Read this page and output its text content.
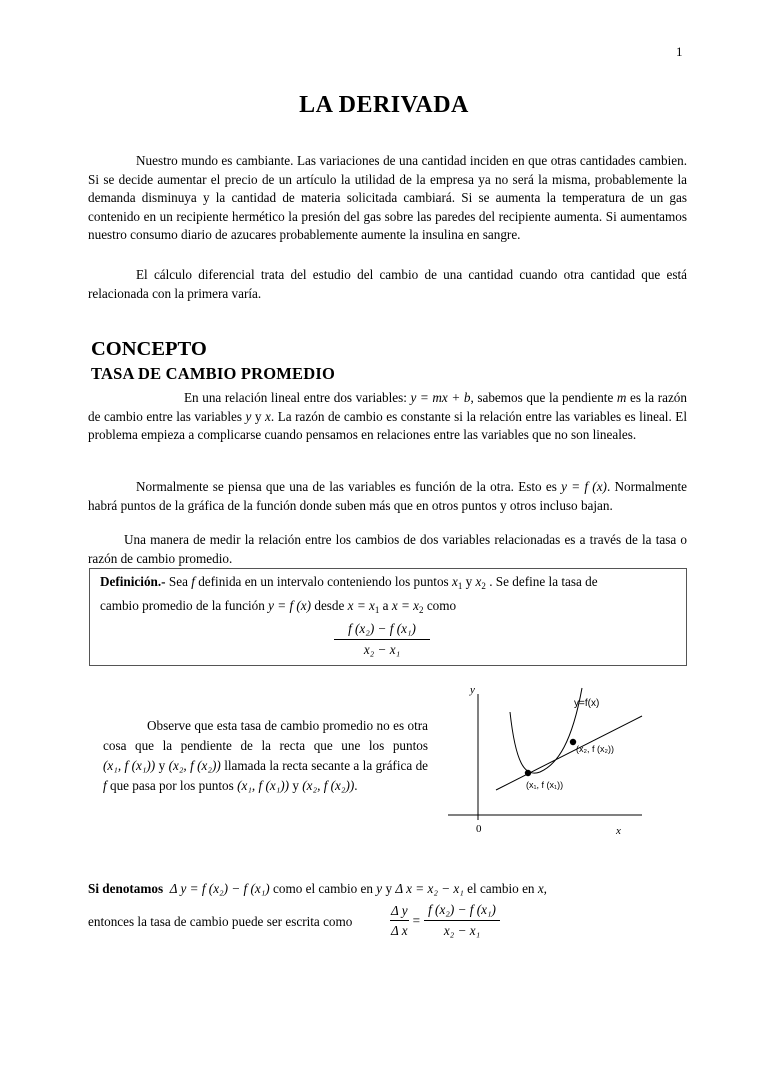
1
LA DERIVADA

Nuestro mundo es cambiante. Las variaciones de una cantidad inciden en que otras cantidades cambien. Si se decide aumentar el precio de un artículo la utilidad de la empresa ya no será la misma, probablemente la demanda disminuya y la cantidad de materia solicitada cambiará. Si se aumenta la temperatura de un gas contenido en un recipiente hermético la presión del gas sobre las paredes del recipiente aumenta. Si aumentamos nuestro consumo diario de azucares probablemente aumente la insulina en sangre.

El cálculo diferencial trata del estudio del cambio de una cantidad cuando otra cantidad que está relacionada con la primera varía.

CONCEPTO
TASA DE CAMBIO PROMEDIO

En una relación lineal entre dos variables: y = mx + b, sabemos que la pendiente m es la razón de cambio entre las variables y y x. La razón de cambio es constante si la relación entre las variables es lineal. El problema empieza a complicarse cuando pensamos en relaciones entre las variables que no son lineales.

Normalmente se piensa que una de las variables es función de la otra. Esto es y = f (x). Normalmente habrá puntos de la gráfica de la función donde suben más que en otros puntos y otros incluso bajan.

Una manera de medir la relación entre los cambios de dos variables relacionadas es a través de la tasa o razón de cambio promedio.

Definición.- Sea f definida en un intervalo conteniendo los puntos $x_1$ y $x_2$ . Se define la tasa de
cambio promedio de la función y = f (x) desde $x = x_1$ a $x = x_2$ como
$\frac{\text{f (x₂) − f (x₁)}}{\text{x₂ − x₁}}$
Observe que esta tasa de cambio promedio no es otra cosa que la pendiente de la recta que une los puntos (x₁, f (x₁)) y (x₂, f (x₂)) llamada la recta secante a la gráfica de f que pasa por los puntos (x₁, f (x₁)) y (x₂, f (x₂)).
y
x
0
y=f(x)
(x₂, f (x₂))
(x₁, f (x₁))
Si denotamos Δ y = f (x₂) − f (x₁) como el cambio en y y Δ x = x₂ − x₁ el cambio en x,
entonces la tasa de cambio puede ser escrita como
Δ y
Δ x
	=	
f (x₂) − f (x₁)
x₂ − x₁
